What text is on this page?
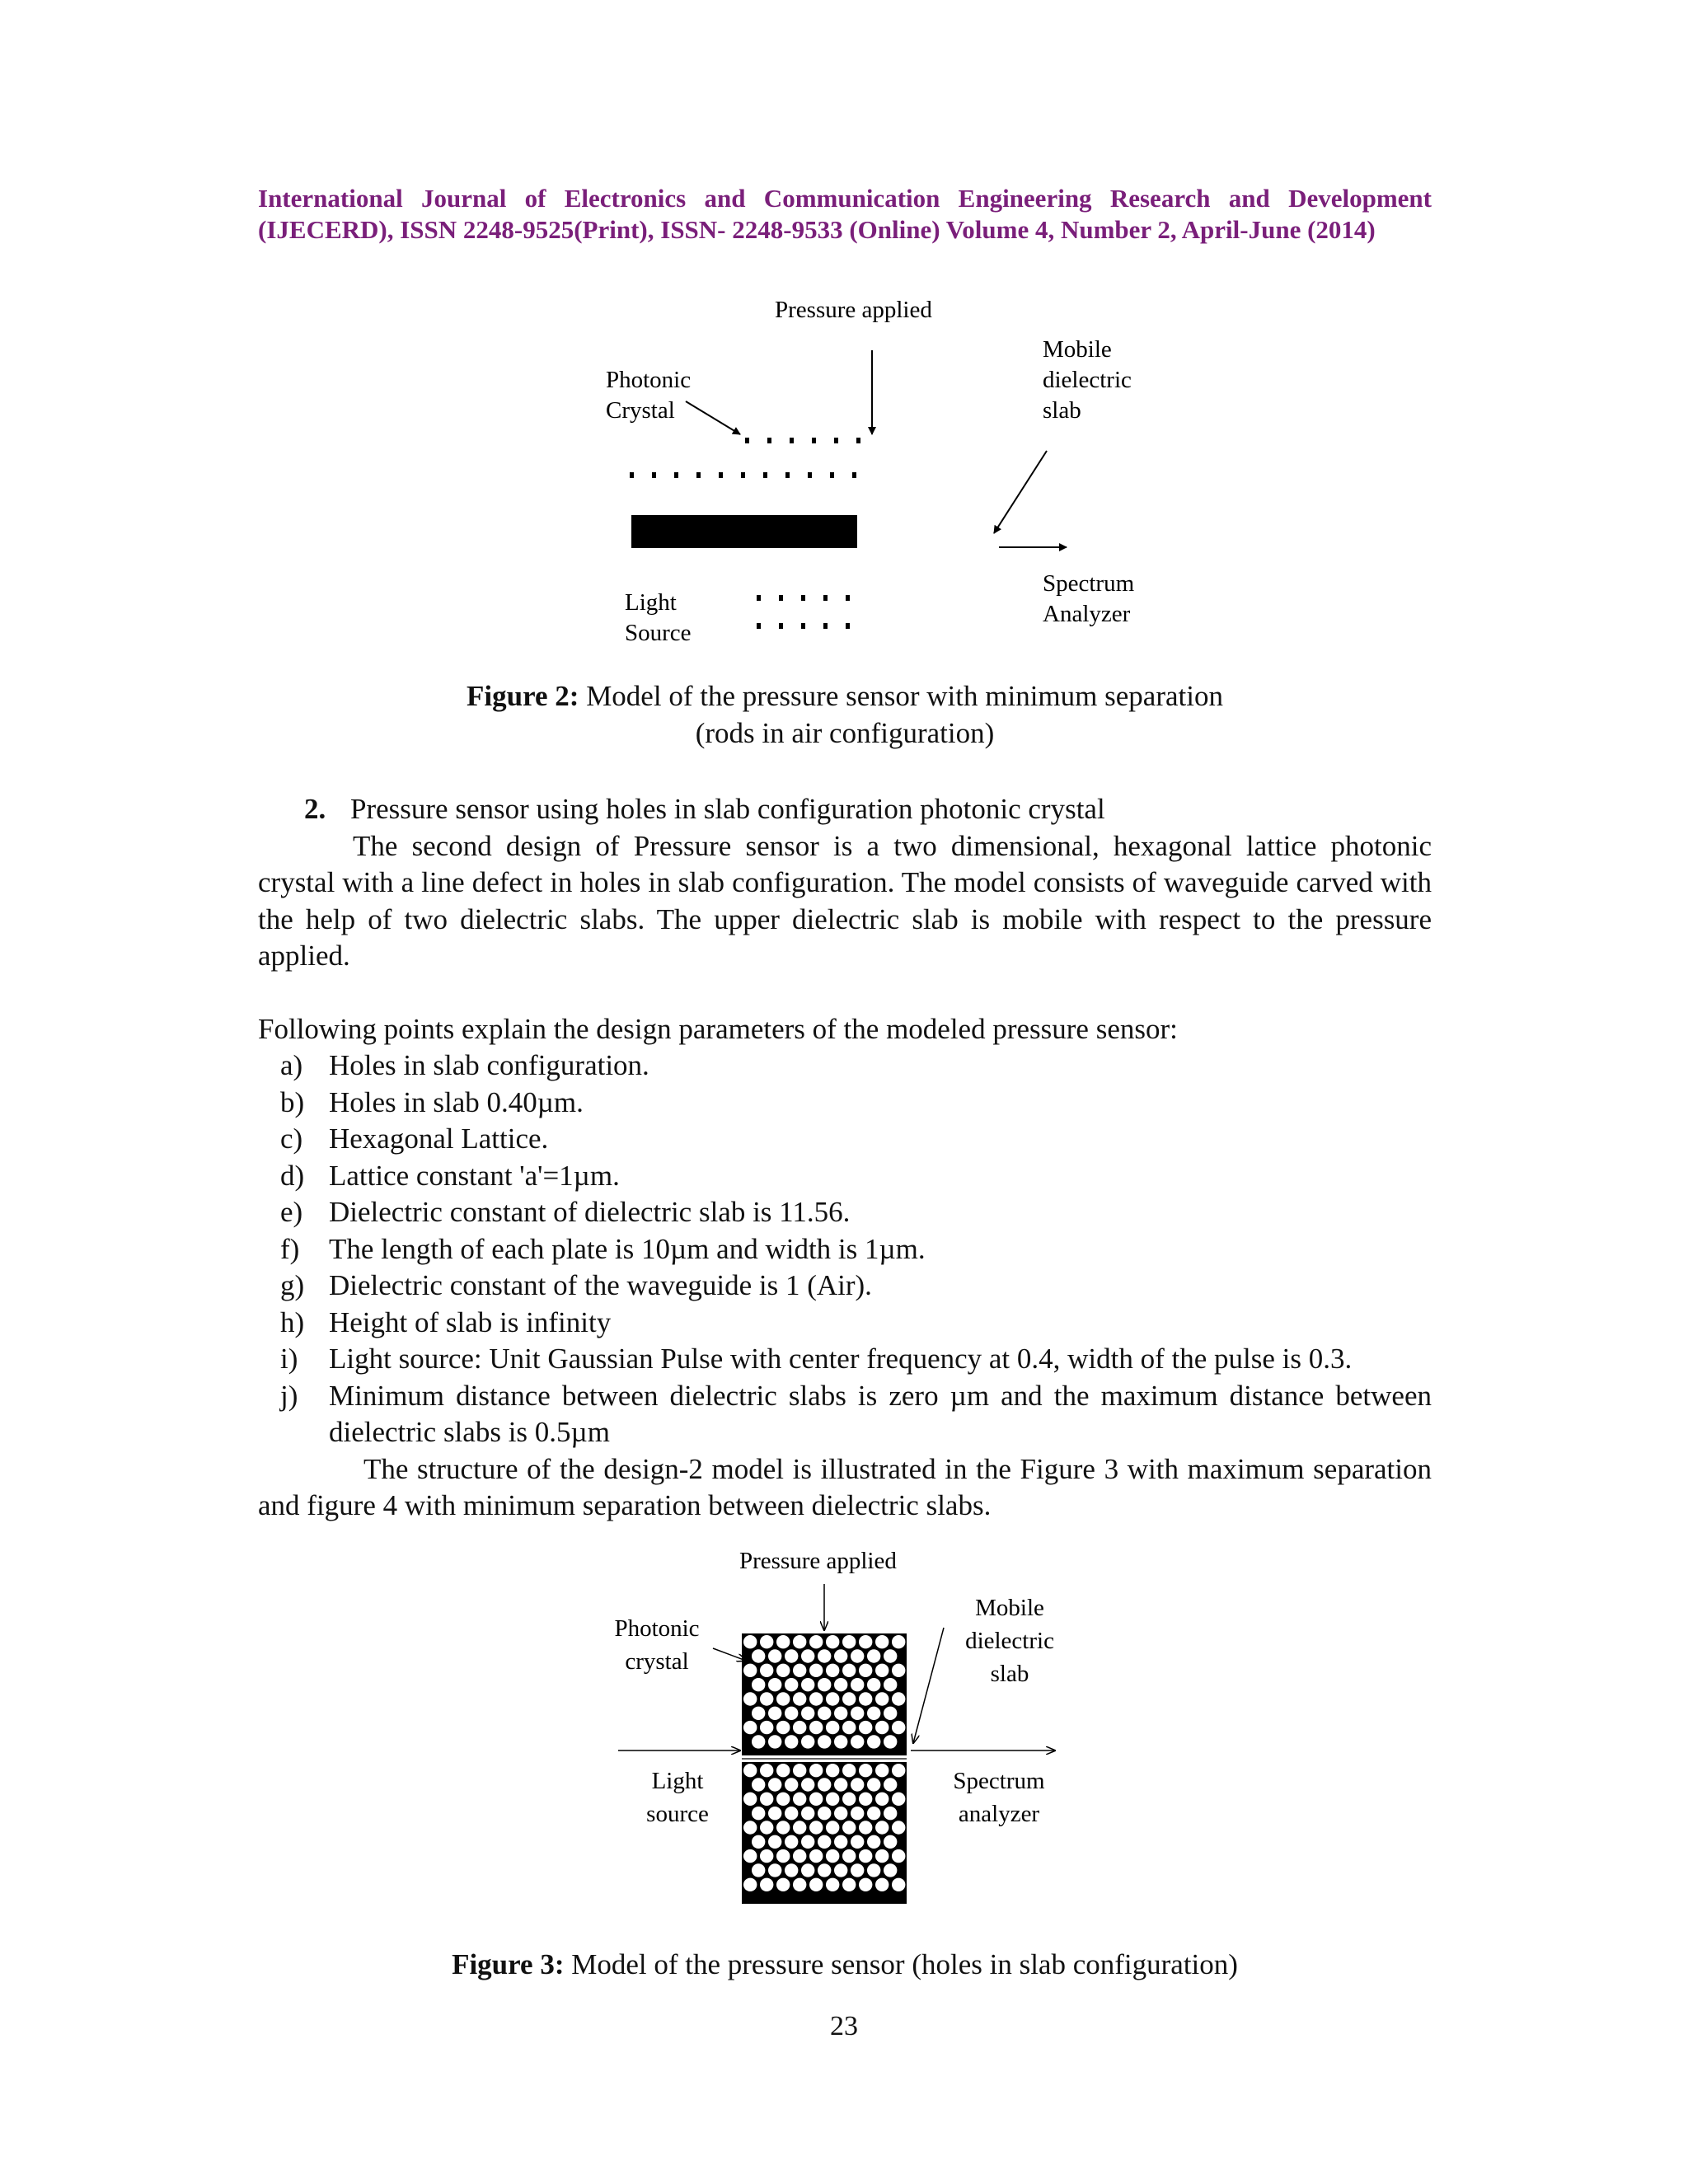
International Journal of Electronics and Communication Engineering Research and Development
(IJECERD), ISSN 2248-9525(Print), ISSN- 2248-9533 (Online) Volume 4, Number 2, April-June (2014)
Pressure applied
Photonic
Crystal
Mobile
dielectric
slab
Spectrum
Analyzer
Light
Source
Figure 2: Model of the pressure sensor with minimum separation
(rods in air configuration)
2. Pressure sensor using holes in slab configuration photonic crystal
The second design of Pressure sensor is a two dimensional, hexagonal lattice photonic crystal with a line defect in holes in slab configuration. The model consists of waveguide carved with the help of two dielectric slabs. The upper dielectric slab is mobile with respect to the pressure applied.
Following points explain the design parameters of the modeled pressure sensor:
a) Holes in slab configuration.
b) Holes in slab 0.40µm.
c) Hexagonal Lattice.
d) Lattice constant 'a'=1µm.
e) Dielectric constant of dielectric slab is 11.56.
f) The length of each plate is 10µm and width is 1µm.
g) Dielectric constant of the waveguide is 1 (Air).
h) Height of slab is infinity
i) Light source: Unit Gaussian Pulse with center frequency at 0.4, width of the pulse is 0.3.
j) Minimum distance between dielectric slabs is zero µm and the maximum distance between dielectric slabs is 0.5µm
The structure of the design-2 model is illustrated in the Figure 3 with maximum separation and figure 4 with minimum separation between dielectric slabs.
Pressure applied
Photonic
crystal
Mobile
dielectric
slab
Light
source
Spectrum
analyzer
Figure 3: Model of the pressure sensor (holes in slab configuration)
23
